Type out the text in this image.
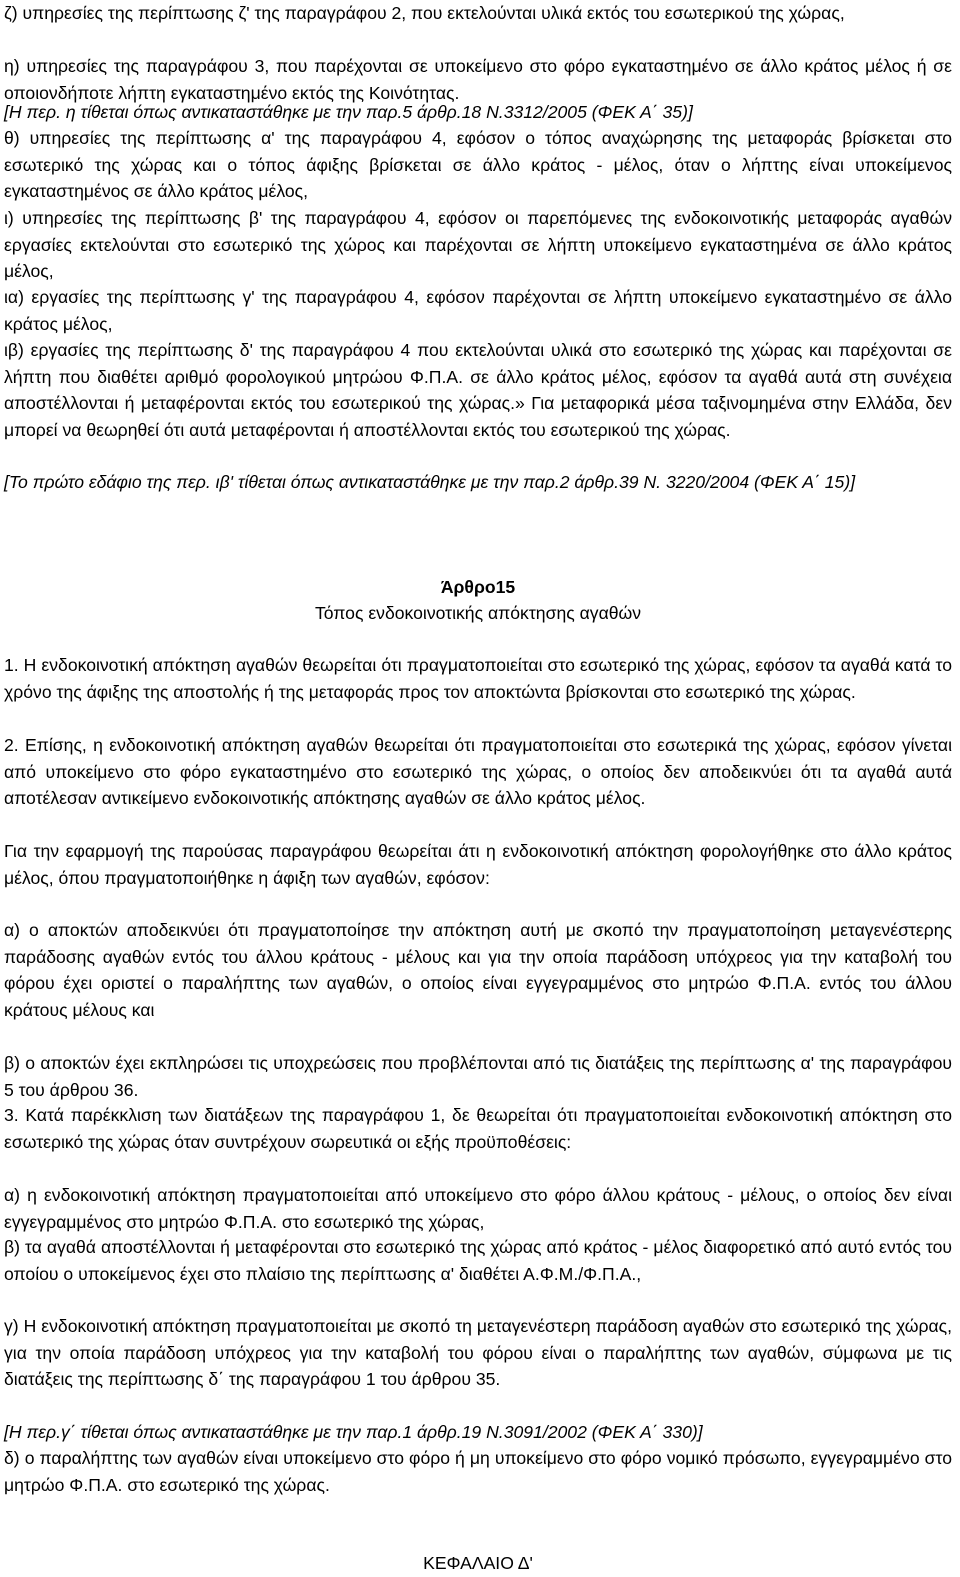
ζ) υπηρεσίες της περίπτωσης ζ' της παραγράφου 2, που εκτελούνται υλικά εκτός του εσωτερικού της χώρας,

η) υπηρεσίες της παραγράφου 3, που παρέχονται σε υποκείμενο στο φόρο εγκαταστημένο σε άλλο κράτος μέλος ή σε οποιονδήποτε λήπτη εγκαταστημένο εκτός της Κοινότητας.

[Η περ. η τίθεται όπως αντικαταστάθηκε με την παρ.5 άρθρ.18 Ν.3312/2005 (ΦΕΚ Α΄ 35)]

θ) υπηρεσίες της περίπτωσης α' της παραγράφου 4, εφόσον ο τόπος αναχώρησης της μεταφοράς βρίσκεται στο εσωτερικό της χώρας και ο τόπος άφιξης βρίσκεται σε άλλο κράτος - μέλος, όταν ο λήπτης είναι υποκείμενος εγκαταστημένος σε άλλο κράτος μέλος,

ι) υπηρεσίες της περίπτωσης β' της παραγράφου 4, εφόσον οι παρεπόμενες της ενδοκοινοτικής μεταφοράς αγαθών εργασίες εκτελούνται στο εσωτερικό της χώρος και παρέχονται σε λήπτη υποκείμενο εγκαταστημένα σε άλλο κράτος μέλος,

ια) εργασίες της περίπτωσης γ' της παραγράφου 4, εφόσον παρέχονται σε λήπτη υποκείμενο εγκαταστημένο σε άλλο κράτος μέλος,

ιβ) εργασίες της περίπτωσης δ' της παραγράφου 4 που εκτελούνται υλικά στο εσωτερικό της χώρας και παρέχονται σε λήπτη που διαθέτει αριθμό φορολογικού μητρώου Φ.Π.Α. σε άλλο κράτος μέλος, εφόσον τα αγαθά αυτά στη συνέχεια αποστέλλονται ή μεταφέρονται εκτός του εσωτερικού της χώρας.» Για μεταφορικά μέσα ταξινομημένα στην Ελλάδα, δεν μπορεί να θεωρηθεί ότι αυτά μεταφέρονται ή αποστέλλονται εκτός του εσωτερικού της χώρας.

[Το πρώτο εδάφιο της περ. ιβ' τίθεται όπως αντικαταστάθηκε με την παρ.2 άρθρ.39 Ν. 3220/2004 (ΦΕΚ Α΄ 15)]

Άρθρο15

Τόπος ενδοκοινοτικής απόκτησης αγαθών

1. Η ενδοκοινοτική απόκτηση αγαθών θεωρείται ότι πραγματοποιείται στο εσωτερικό της χώρας, εφόσον τα αγαθά κατά το χρόνο της άφιξης της αποστολής ή της μεταφοράς προς τον αποκτώντα βρίσκονται στο εσωτερικό της χώρας.

2. Επίσης, η ενδοκοινοτική απόκτηση αγαθών θεωρείται ότι πραγματοποιείται στο εσωτερικά της χώρας, εφόσον γίνεται από υποκείμενο στο φόρο εγκαταστημένο στο εσωτερικό της χώρας, ο οποίος δεν αποδεικνύει ότι τα αγαθά αυτά αποτέλεσαν αντικείμενο ενδοκοινοτικής απόκτησης αγαθών σε άλλο κράτος μέλος.

Για την εφαρμογή της παρούσας παραγράφου θεωρείται άτι η ενδοκοινοτική απόκτηση φορολογήθηκε στο άλλο κράτος μέλος, όπου πραγματοποιήθηκε η άφιξη των αγαθών, εφόσον:

α) ο αποκτών αποδεικνύει ότι πραγματοποίησε την απόκτηση αυτή με σκοπό την πραγματοποίηση μεταγενέστερης παράδοσης αγαθών εντός του άλλου κράτους - μέλους και για την οποία παράδοση υπόχρεος για την καταβολή του φόρου έχει οριστεί ο παραλήπτης των αγαθών, ο οποίος είναι εγγεγραμμένος στο μητρώο Φ.Π.Α. εντός του άλλου κράτους μέλους και

β) ο αποκτών έχει εκπληρώσει τις υποχρεώσεις που προβλέπονται από τις διατάξεις της περίπτωσης α' της παραγράφου 5 του άρθρου 36.

3. Κατά παρέκκλιση των διατάξεων της παραγράφου 1, δε θεωρείται ότι πραγματοποιείται ενδοκοινοτική απόκτηση στο εσωτερικό της χώρας όταν συντρέχουν σωρευτικά οι εξής προϋποθέσεις:

α) η ενδοκοινοτική απόκτηση πραγματοποιείται από υποκείμενο στο φόρο άλλου κράτους - μέλους, ο οποίος δεν είναι εγγεγραμμένος στο μητρώο Φ.Π.Α. στο εσωτερικό της χώρας,

β) τα αγαθά αποστέλλονται ή μεταφέρονται στο εσωτερικό της χώρας από κράτος - μέλος διαφορετικό από αυτό εντός του οποίου ο υποκείμενος έχει στο πλαίσιο της περίπτωσης α' διαθέτει Α.Φ.Μ./Φ.Π.Α.,

γ) Η ενδοκοινοτική απόκτηση πραγματοποιείται με σκοπό τη μεταγενέστερη παράδοση αγαθών στο εσωτερικό της χώρας, για την οποία παράδοση υπόχρεος για την καταβολή του φόρου είναι ο παραλήπτης των αγαθών, σύμφωνα με τις διατάξεις της περίπτωσης δ΄ της παραγράφου 1 του άρθρου 35.

[Η περ.γ΄ τίθεται όπως αντικαταστάθηκε με την παρ.1 άρθρ.19 Ν.3091/2002 (ΦΕΚ Α΄ 330)]

δ) ο παραλήπτης των αγαθών είναι υποκείμενο στο φόρο ή μη υποκείμενο στο φόρο νομικό πρόσωπο, εγγεγραμμένο στο μητρώο Φ.Π.Α. στο εσωτερικό της χώρας.

ΚΕΦΑΛΑΙΟ Δ'
